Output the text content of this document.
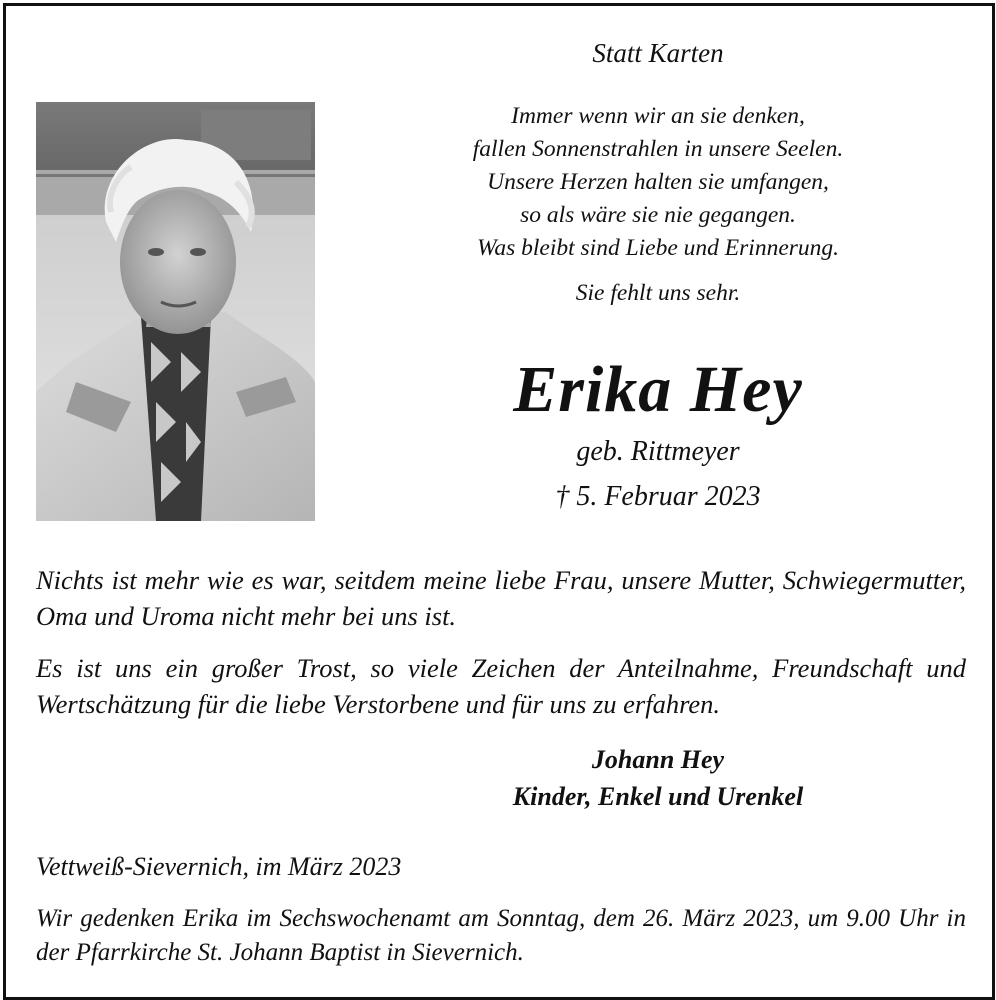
Statt Karten
Immer wenn wir an sie denken,
fallen Sonnenstrahlen in unsere Seelen.
Unsere Herzen halten sie umfangen,
so als wäre sie nie gegangen.
Was bleibt sind Liebe und Erinnerung.
Sie fehlt uns sehr.
Erika Hey
geb. Rittmeyer
† 5. Februar 2023
Nichts ist mehr wie es war, seitdem meine liebe Frau, unsere Mutter, Schwiegermutter, Oma und Uroma nicht mehr bei uns ist.
Es ist uns ein großer Trost, so viele Zeichen der Anteilnahme, Freundschaft und Wertschätzung für die liebe Verstorbene und für uns zu erfahren.
Johann Hey
Kinder, Enkel und Urenkel
Vettweiß-Sievernich, im März 2023
Wir gedenken Erika im Sechswochenamt am Sonntag, dem 26. März 2023, um 9.00 Uhr in der Pfarrkirche St. Johann Baptist in Sievernich.
